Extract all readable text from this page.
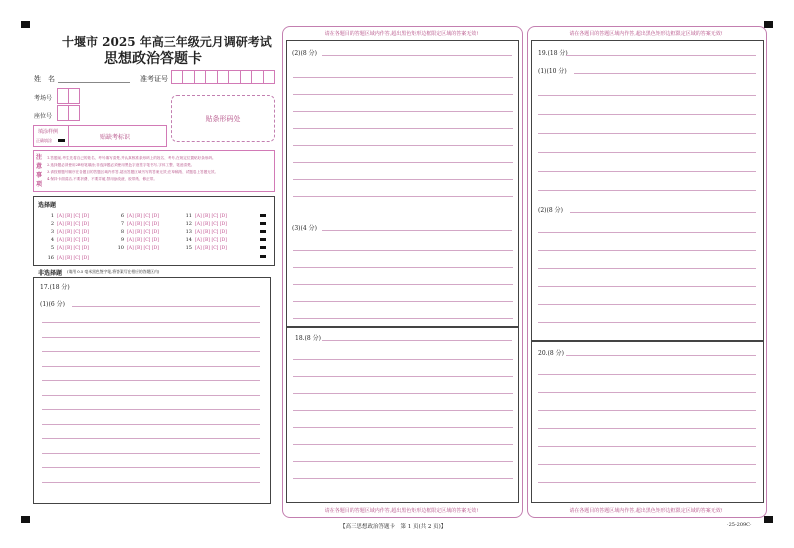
十堰市 2025 年高三年级元月调研考试
思想政治答题卡
姓　名	准考证号
考场号
座位号	贴条形码处
填涂样例
正确填涂	贴缺考标识
注
意
事
项
1.答题前,考生先将自己的姓名、考号填写清楚,并认真核准条形码上的姓名、考号,在规定位置贴好条形码。
2.选择题必须使用2B铅笔填涂;非选择题必须使用黑色字迹签字笔书写,字体工整、笔迹清楚。
3.请按照题号顺序在各题目的答题区域内作答,超出答题区域书写的答案无效;在草稿纸、试题卷上答题无效。
4.保持卡面清洁,不要折叠、不要弄破,禁用涂改液、胶带纸、修正带。
选择题
1 [A] [B] [C] [D]	6 [A] [B] [C] [D]	11 [A] [B] [C] [D]
2 [A] [B] [C] [D]	7 [A] [B] [C] [D]	12 [A] [B] [C] [D]
3 [A] [B] [C] [D]	8 [A] [B] [C] [D]	13 [A] [B] [C] [D]
4 [A] [B] [C] [D]	9 [A] [B] [C] [D]	14 [A] [B] [C] [D]
5 [A] [B] [C] [D]	10 [A] [B] [C] [D]	15 [A] [B] [C] [D]
16 [A] [B] [C] [D]
非选择题 (请用 0.5 毫米黑色签字笔,将答案写在相应的答题区内)
17.(18 分)
(1)(6 分)
请在各题目的答题区域内作答,超出黑色矩形边框限定区域的答案无效!
请在各题目的答题区域内作答,超出黑色矩形边框限定区域的答案无效!
(2)(8 分)
(3)(4 分)
18.(8 分)
请在各题目的答题区域内作答,超出黑色矩形边框限定区域的答案无效!
请在各题目的答题区域内作答,超出黑色矩形边框限定区域的答案无效!
19.(18 分)
(1)(10 分)
(2)(8 分)
20.(8 分)
【高三思想政治答题卡　第 1 页(共 2 页)】	·25-209C·
